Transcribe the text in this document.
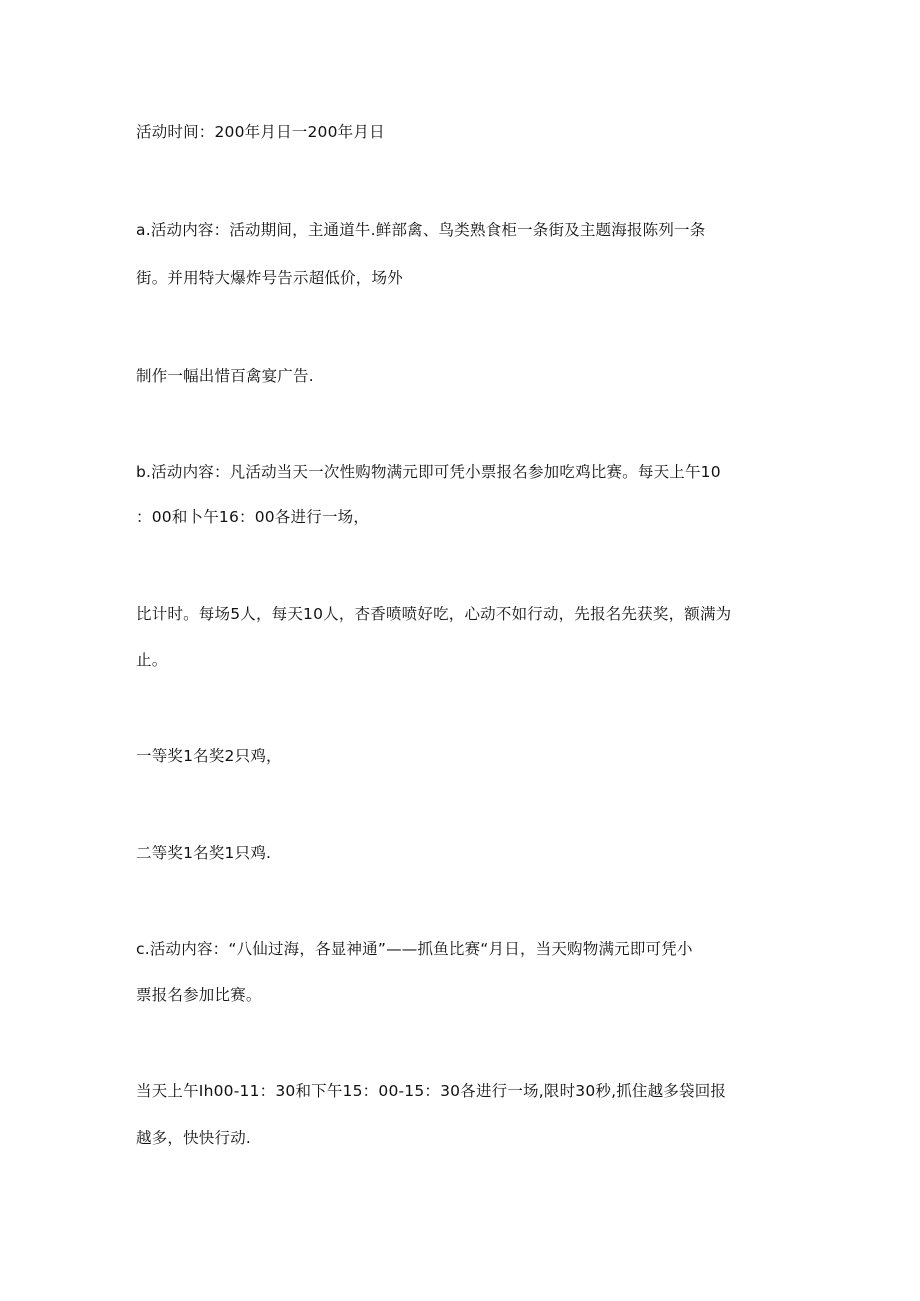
活动时间：200年月日一200年月日
a.活动内容：活动期间，主通道牛.鲜部禽、鸟类熟食柜一条街及主题海报陈列一条
街。并用特大爆炸号告示超低价，场外
制作一幅出惜百禽宴广告.
b.活动内容：凡活动当天一次性购物满元即可凭小票报名参加吃鸡比赛。每天上午10
：00和卜午16：00各进行一场，
比计时。每场5人，每天10人，杏香喷喷好吃，心动不如行动，先报名先获奖，额满为
止。
一等奖1名奖2只鸡，
二等奖1名奖1只鸡.
c.活动内容：“八仙过海，各显神通”——抓鱼比赛“月日，当天购物满元即可凭小
票报名参加比赛。
当天上午Ih00-11：30和下午15：00-15：30各进行一场,限时30秒,抓住越多袋回报
越多，快快行动.
